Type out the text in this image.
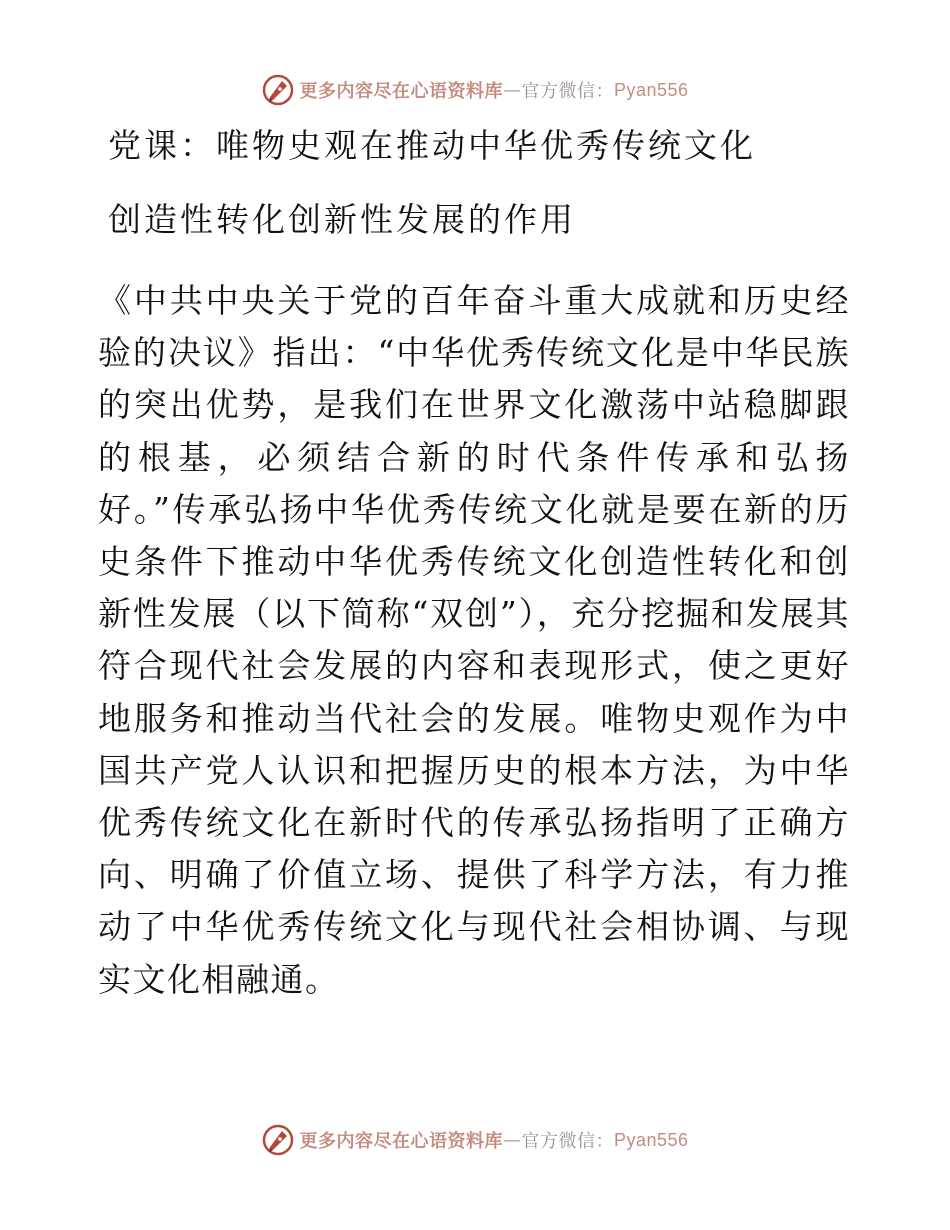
更多内容尽在心语资料库 — 官方微信： Pyan556
党课：唯物史观在推动中华优秀传统文化
创造性转化创新性发展的作用

《中共中央关于党的百年奋斗重大成就和历史经验的决议》指出：“中华优秀传统文化是中华民族的突出优势，是我们在世界文化激荡中站稳脚跟的根基，必须结合新的时代条件传承和弘扬好。”传承弘扬中华优秀传统文化就是要在新的历史条件下推动中华优秀传统文化创造性转化和创新性发展（以下简称“双创”），充分挖掘和发展其符合现代社会发展的内容和表现形式，使之更好地服务和推动当代社会的发展。唯物史观作为中国共产党人认识和把握历史的根本方法，为中华优秀传统文化在新时代的传承弘扬指明了正确方向、明确了价值立场、提供了科学方法，有力推动了中华优秀传统文化与现代社会相协调、与现实文化相融通。

更多内容尽在心语资料库 — 官方微信： Pyan556
